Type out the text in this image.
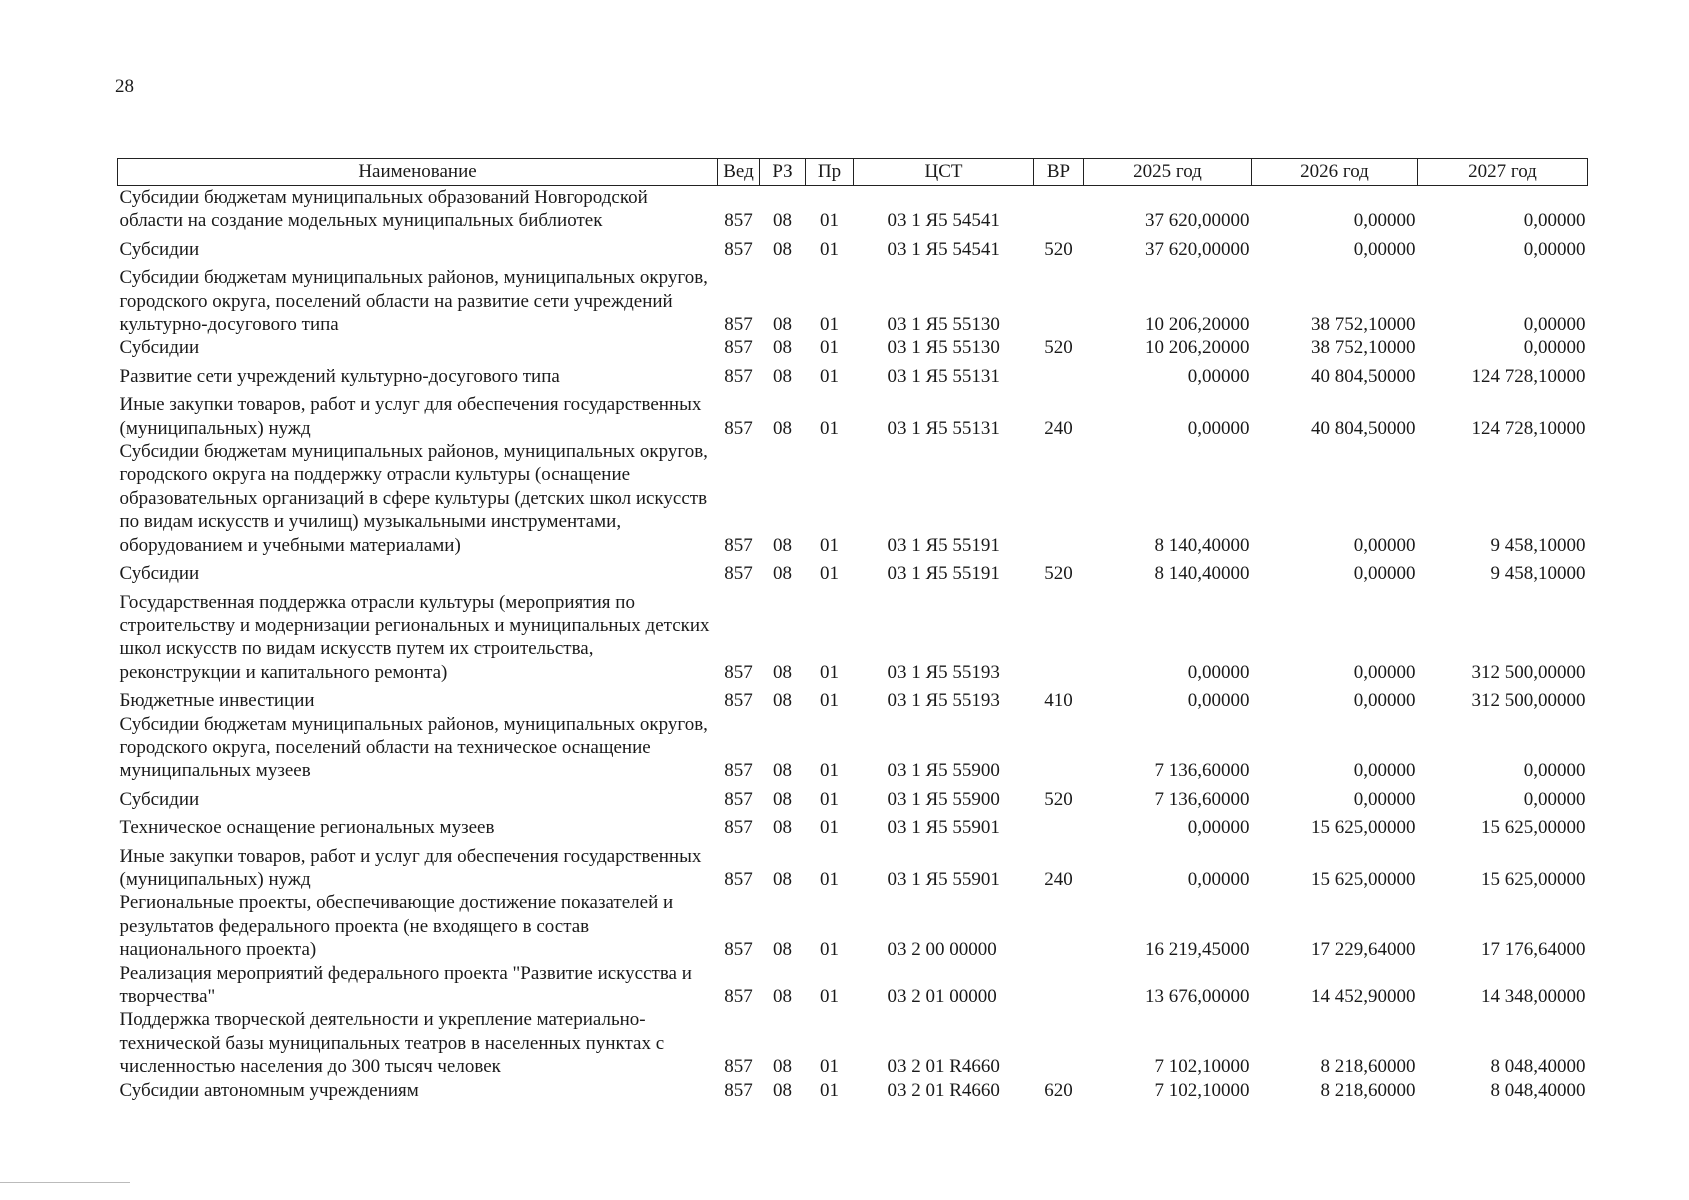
28
Наименование	Вед	РЗ	Пр	ЦСТ	ВР	2025 год	2026 год	2027 год
Субсидии бюджетам муниципальных образований Новгородской области на создание модельных муниципальных библиотек	857	08	01	03 1 Я5 54541		37 620,00000	0,00000	0,00000
Субсидии	857	08	01	03 1 Я5 54541	520	37 620,00000	0,00000	0,00000
Субсидии бюджетам муниципальных районов, муниципальных округов, городского округа, поселений области на развитие сети учреждений культурно-досугового типа	857	08	01	03 1 Я5 55130		10 206,20000	38 752,10000	0,00000
Субсидии	857	08	01	03 1 Я5 55130	520	10 206,20000	38 752,10000	0,00000
Развитие сети учреждений культурно-досугового типа	857	08	01	03 1 Я5 55131		0,00000	40 804,50000	124 728,10000
Иные закупки товаров, работ и услуг для обеспечения государственных (муниципальных) нужд	857	08	01	03 1 Я5 55131	240	0,00000	40 804,50000	124 728,10000
Субсидии бюджетам муниципальных районов, муниципальных округов, городского округа на поддержку отрасли культуры (оснащение образовательных организаций в сфере культуры (детских школ искусств по видам искусств и училищ) музыкальными инструментами, оборудованием и учебными материалами)	857	08	01	03 1 Я5 55191		8 140,40000	0,00000	9 458,10000
Субсидии	857	08	01	03 1 Я5 55191	520	8 140,40000	0,00000	9 458,10000
Государственная поддержка отрасли культуры (мероприятия по строительству и модернизации региональных и муниципальных детских школ искусств по видам искусств путем их строительства, реконструкции и капитального ремонта)	857	08	01	03 1 Я5 55193		0,00000	0,00000	312 500,00000
Бюджетные инвестиции	857	08	01	03 1 Я5 55193	410	0,00000	0,00000	312 500,00000
Субсидии бюджетам муниципальных районов, муниципальных округов, городского округа, поселений области на техническое оснащение муниципальных музеев	857	08	01	03 1 Я5 55900		7 136,60000	0,00000	0,00000
Субсидии	857	08	01	03 1 Я5 55900	520	7 136,60000	0,00000	0,00000
Техническое оснащение региональных музеев	857	08	01	03 1 Я5 55901		0,00000	15 625,00000	15 625,00000
Иные закупки товаров, работ и услуг для обеспечения государственных (муниципальных) нужд	857	08	01	03 1 Я5 55901	240	0,00000	15 625,00000	15 625,00000
Региональные проекты, обеспечивающие достижение показателей и результатов федерального проекта (не входящего в состав национального проекта)	857	08	01	03 2 00 00000		16 219,45000	17 229,64000	17 176,64000
Реализация мероприятий федерального проекта "Развитие искусства и творчества"	857	08	01	03 2 01 00000		13 676,00000	14 452,90000	14 348,00000
Поддержка творческой деятельности и укрепление материально-технической базы муниципальных театров в населенных пунктах с численностью населения до 300 тысяч человек	857	08	01	03 2 01 R4660		7 102,10000	8 218,60000	8 048,40000
Субсидии автономным учреждениям	857	08	01	03 2 01 R4660	620	7 102,10000	8 218,60000	8 048,40000
